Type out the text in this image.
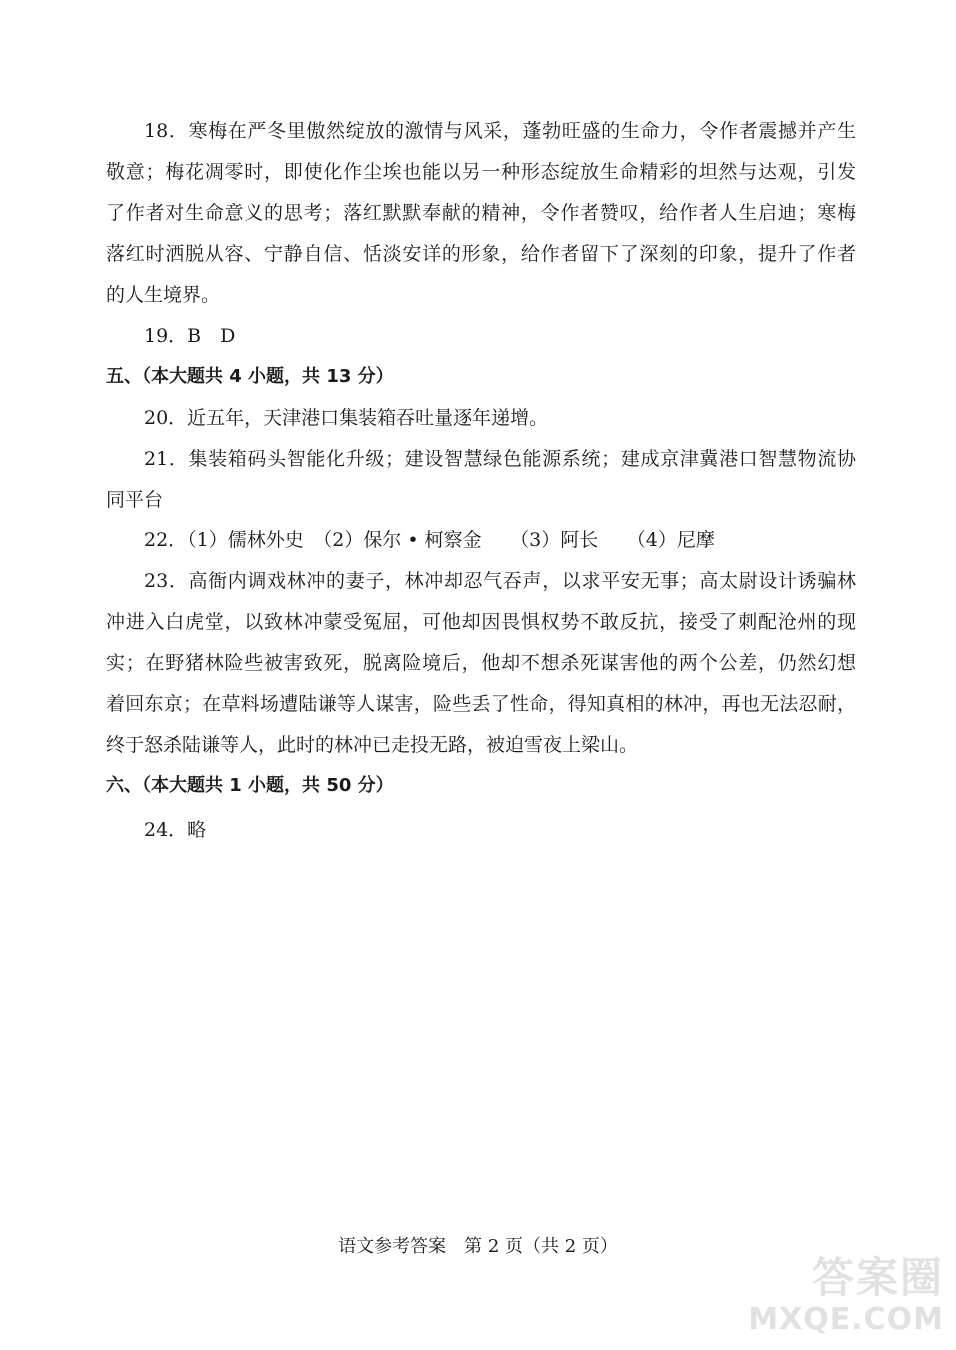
18．寒梅在严冬里傲然绽放的激情与风采，蓬勃旺盛的生命力，令作者震撼并产生
敬意；梅花凋零时，即使化作尘埃也能以另一种形态绽放生命精彩的坦然与达观，引发
了作者对生命意义的思考；落红默默奉献的精神，令作者赞叹，给作者人生启迪；寒梅
落红时洒脱从容、宁静自信、恬淡安详的形象，给作者留下了深刻的印象，提升了作者
的人生境界。
19．B　D
五、（本大题共 4 小题，共 13 分）
20．近五年，天津港口集装箱吞吐量逐年递增。
21．集装箱码头智能化升级；建设智慧绿色能源系统；建成京津冀港口智慧物流协
同平台
22．（1）儒林外史　（2）保尔 • 柯察金　　（3）阿长　　（4）尼摩
23．高衙内调戏林冲的妻子，林冲却忍气吞声，以求平安无事；高太尉设计诱骗林
冲进入白虎堂，以致林冲蒙受冤屈，可他却因畏惧权势不敢反抗，接受了刺配沧州的现
实；在野猪林险些被害致死，脱离险境后，他却不想杀死谋害他的两个公差，仍然幻想
着回东京；在草料场遭陆谦等人谋害，险些丢了性命，得知真相的林冲，再也无法忍耐，
终于怒杀陆谦等人，此时的林冲已走投无路，被迫雪夜上梁山。
六、（本大题共 1 小题，共 50 分）
24．略
语文参考答案　第 2 页（共 2 页）
答案圈
MXQE.COM
